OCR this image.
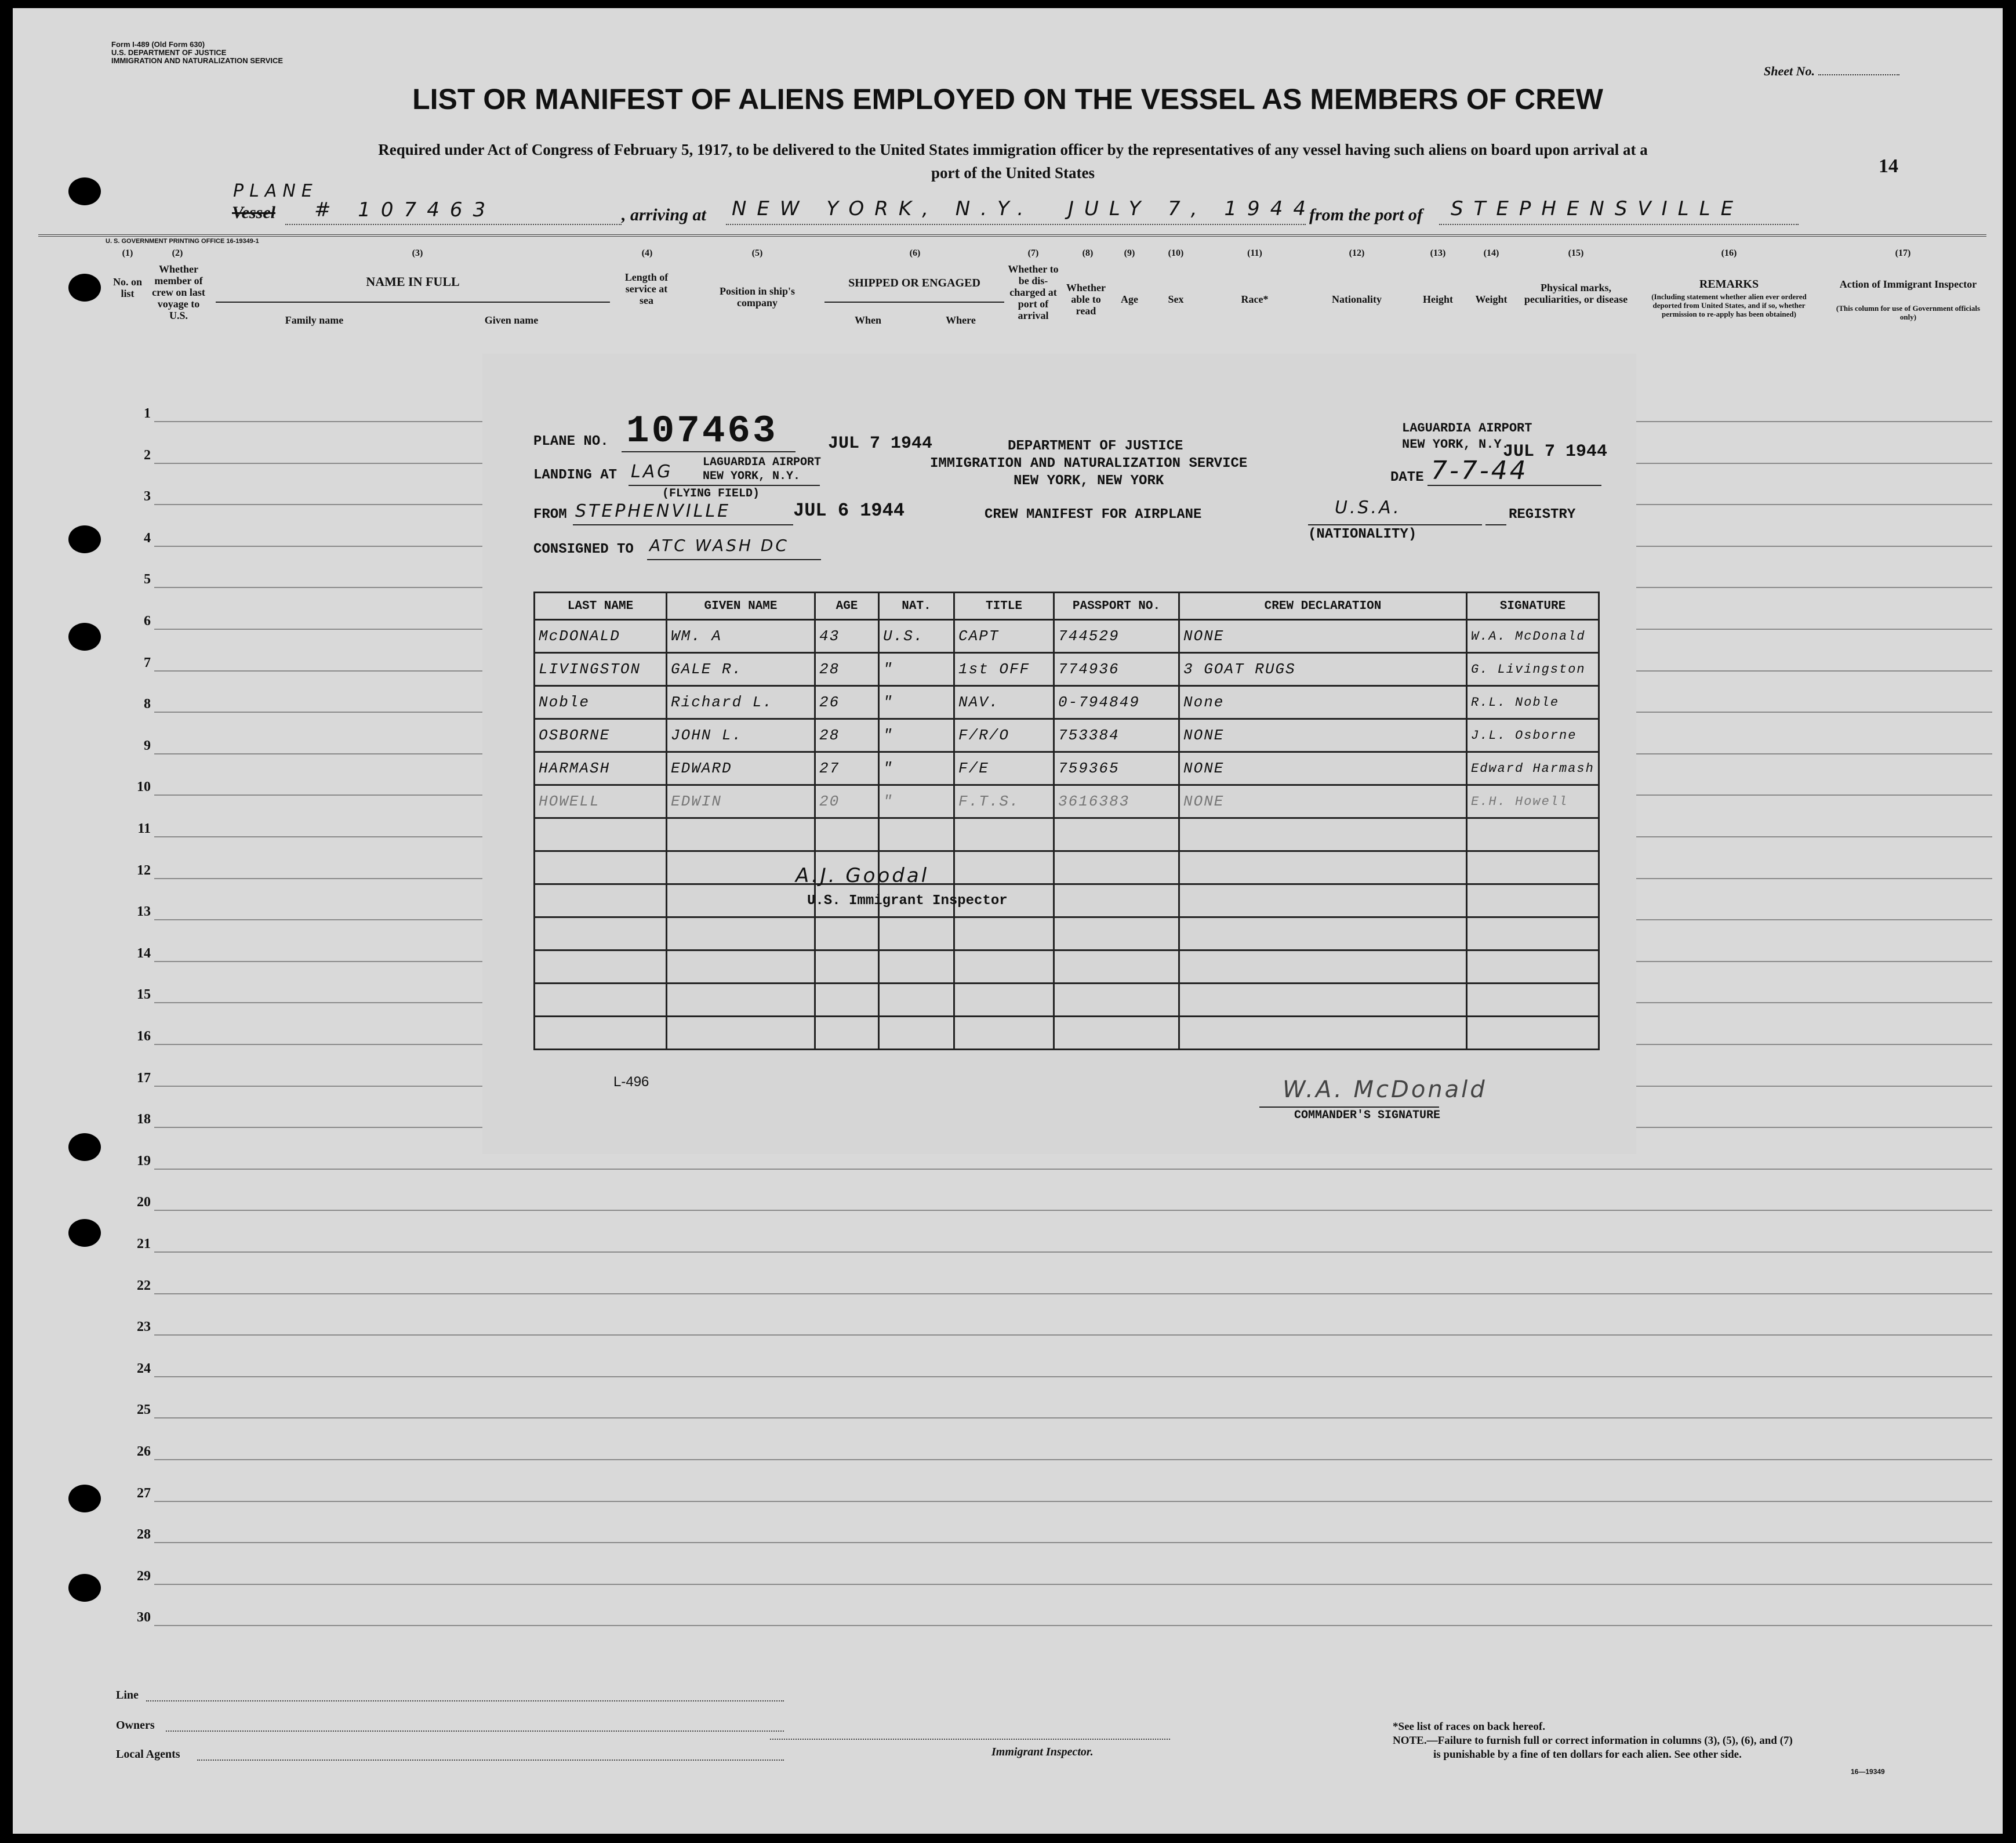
Form I-489 (Old Form 630)
U.S. DEPARTMENT OF JUSTICE
IMMIGRATION AND NATURALIZATION SERVICE
Sheet No.
LIST OR MANIFEST OF ALIENS EMPLOYED ON THE VESSEL AS MEMBERS OF CREW
Required under Act of Congress of February 5, 1917, to be delivered to the United States immigration officer by the representatives of any vessel having such aliens on board upon arrival at a
port of the United States	14
PLANE
Vessel # 107463	, arriving at NEW YORK, N.Y. JULY 7, 1944
from the port of STEPHENSVILLE
U. S. GOVERNMENT PRINTING OFFICE 16-19349-1
(1)	(2)	(3)	(4)	(5)	(6)	(7)	(8)	(9)	(10)	(11)	(12)	(13)	(14)	(15)	(16)	(17)
No. on list
Whether member of crew on last voyage to U.S.
NAME IN FULL
Family name	Given name
Length of service at sea
Position in ship's company
SHIPPED OR ENGAGED
When	Where
Whether to be dis-charged at port of arrival
Whether able to read
Age	Sex	Race*	Nationality	Height	Weight
Physical marks, peculiarities, or disease
REMARKS
(Including statement whether alien ever ordered deported from United States, and if so, whether permission to re-apply has been obtained)
Action of Immigrant Inspector
(This column for use of Government officials only)
1
2
3
4
5
6
7
8
9
10
11
12
13
14
15
16
17
18
19
20
21
22
23
24
25
26
27
28
29
30
PLANE NO. 107463	JUL 7 1944	DEPARTMENT OF JUSTICE
IMMIGRATION AND NATURALIZATION SERVICE
NEW YORK, NEW YORK
LAGUARDIA AIRPORT
NEW YORK, N.Y.
JUL 7 1944
LANDING AT LAG	LAGUARDIA AIRPORT
NEW YORK, N.Y.
(FLYING FIELD)
DATE 7-7-44
FROM STEPHENVILLE	JUL 6 1944	CREW MANIFEST FOR AIRPLANE	U.S.A.
(NATIONALITY)
REGISTRY
CONSIGNED TO ATC WASH DC
LAST NAME	GIVEN NAME	AGE	NAT.	TITLE	PASSPORT NO.	CREW DECLARATION	SIGNATURE
McDONALD	WM. A	43	U.S.	CAPT	744529	NONE	W.A. McDonald
LIVINGSTON	GALE R.	28	"	1st OFF	774936	3 GOAT RUGS	G. Livingston
Noble	Richard L.	26	"	NAV.	0-794849	None	R.L. Noble
OSBORNE	JOHN L.	28	"	F/R/O	753384	NONE	J.L. Osborne
HARMASH	EDWARD	27	"	F/E	759365	NONE	Edward Harmash
HOWELL	EDWIN	20	"	F.T.S.	3616383	NONE	E.H. Howell

A.J. Goodal
U.S. Immigrant Inspector
L-496	W.A. McDonald
COMMANDER'S SIGNATURE
Line
Owners
Local Agents	Immigrant Inspector.
*See list of races on back hereof.
NOTE.—Failure to furnish full or correct information in columns (3), (5), (6), and (7)
is punishable by a fine of ten dollars for each alien. See other side.
16—19349
